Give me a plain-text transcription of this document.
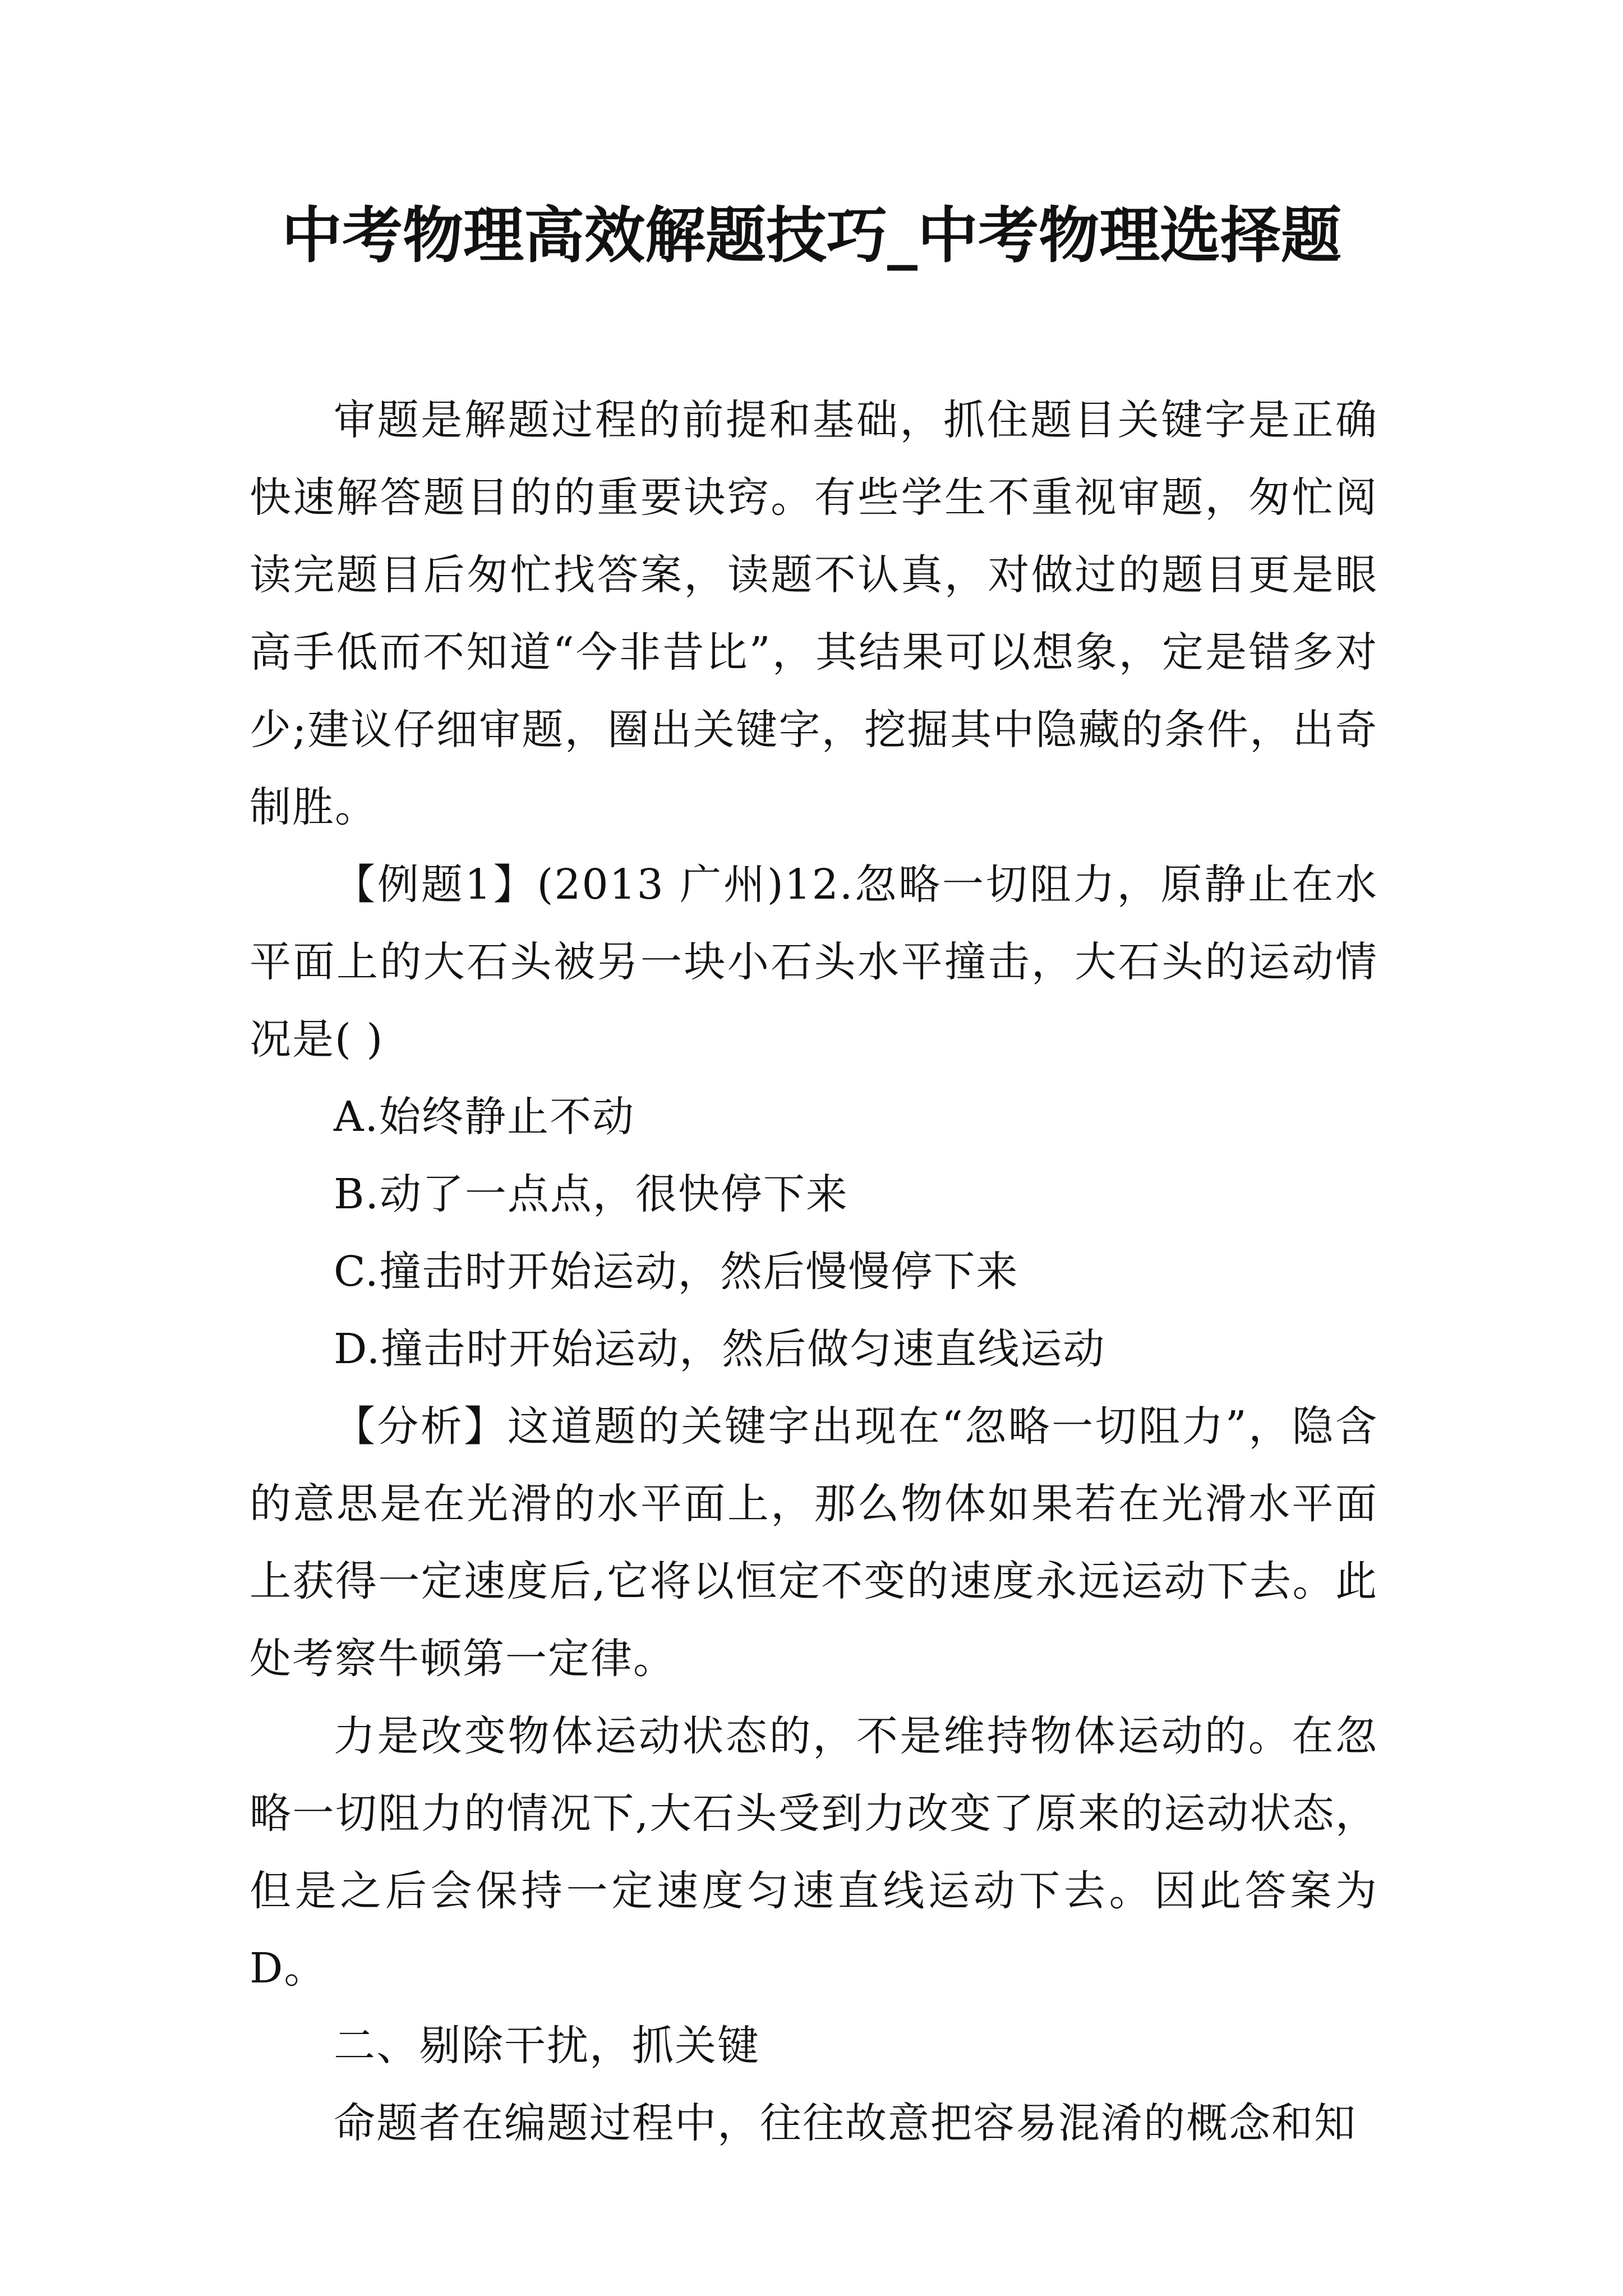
中考物理高效解题技巧_中考物理选择题

审题是解题过程的前提和基础，抓住题目关键字是正确快速解答题目的的重要诀窍。有些学生不重视审题，匆忙阅读完题目后匆忙找答案，读题不认真，对做过的题目更是眼高手低而不知道“今非昔比”，其结果可以想象，定是错多对少;建议仔细审题，圈出关键字，挖掘其中隐藏的条件，出奇制胜。

【例题1】(2013 广州)12.忽略一切阻力，原静止在水平面上的大石头被另一块小石头水平撞击，大石头的运动情况是( )

A.始终静止不动

B.动了一点点，很快停下来

C.撞击时开始运动，然后慢慢停下来

D.撞击时开始运动，然后做匀速直线运动

【分析】这道题的关键字出现在“忽略一切阻力”，隐含的意思是在光滑的水平面上，那么物体如果若在光滑水平面上获得一定速度后,它将以恒定不变的速度永远运动下去。此处考察牛顿第一定律。

力是改变物体运动状态的，不是维持物体运动的。在忽略一切阻力的情况下,大石头受到力改变了原来的运动状态，但是之后会保持一定速度匀速直线运动下去。因此答案为 D。

二、剔除干扰，抓关键

命题者在编题过程中，往往故意把容易混淆的概念和知
